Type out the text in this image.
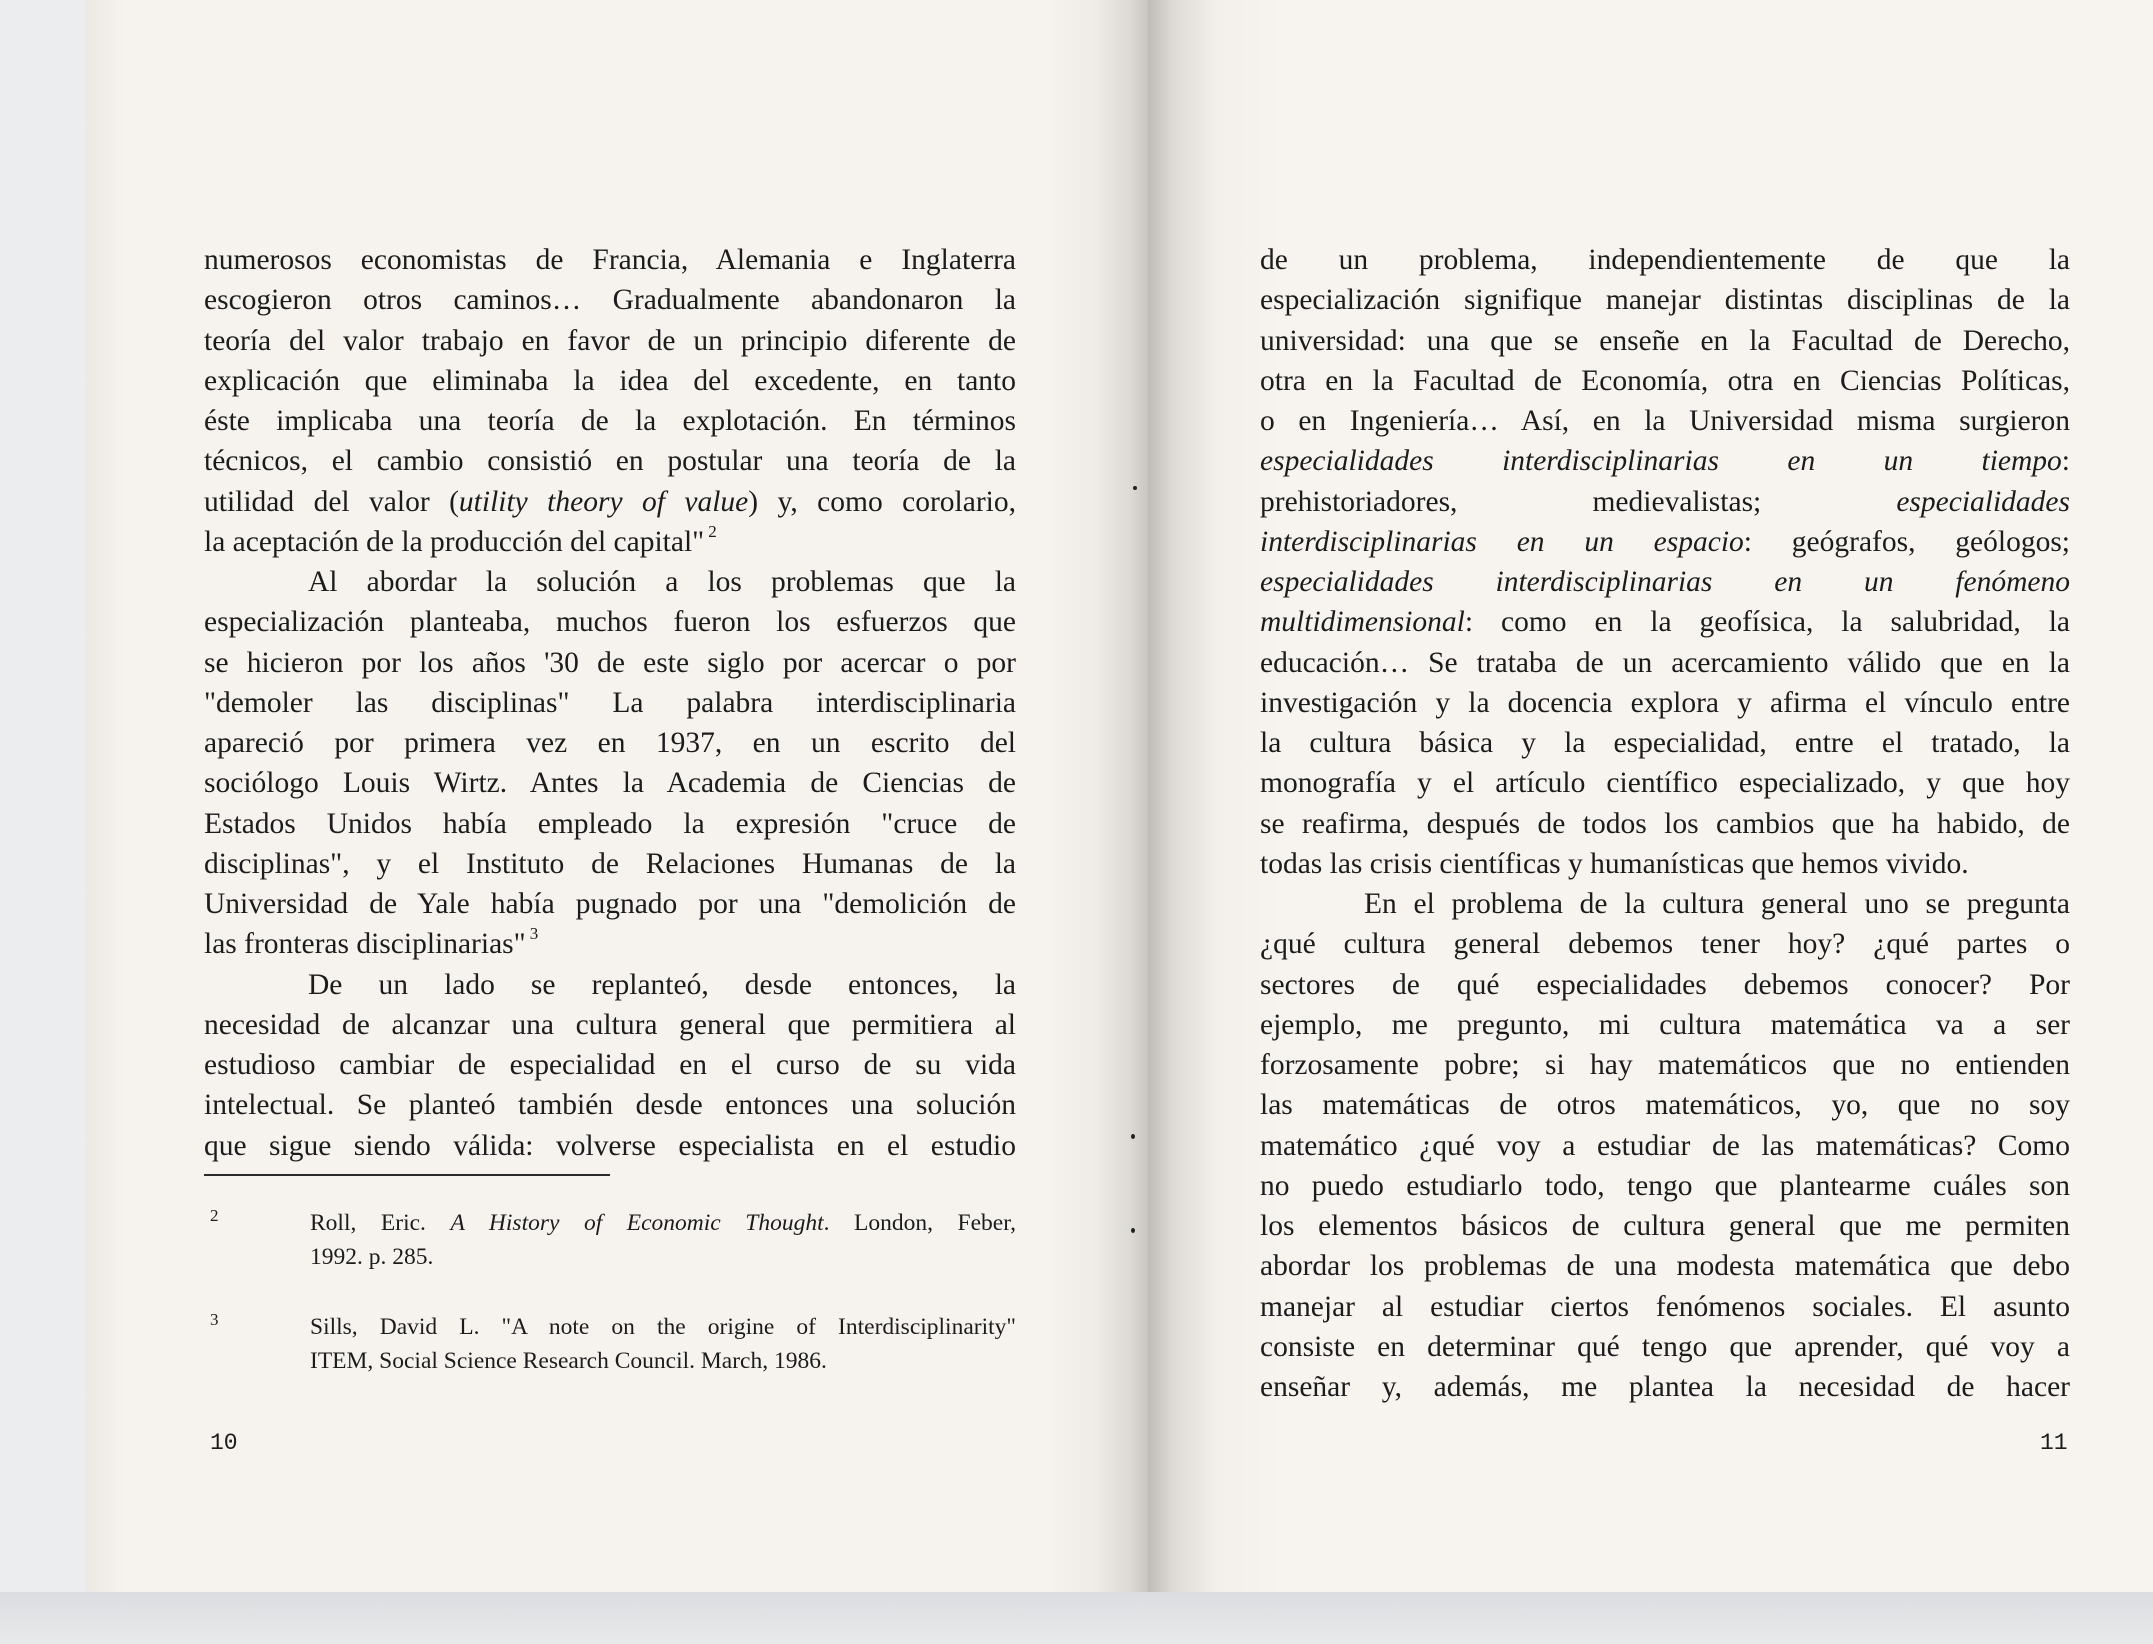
numerosos economistas de Francia, Alemania e Inglaterra
escogieron otros caminos… Gradualmente abandonaron la
teoría del valor trabajo en favor de un principio diferente de
explicación que eliminaba la idea del excedente, en tanto
éste implicaba una teoría de la explotación. En términos
técnicos, el cambio consistió en postular una teoría de la
utilidad del valor (utility theory of value) y, como corolario,
la aceptación de la producción del capital" $^2$
Al abordar la solución a los problemas que la
especialización planteaba, muchos fueron los esfuerzos que
se hicieron por los años '30 de este siglo por acercar o por
"demoler las disciplinas" La palabra interdisciplinaria
apareció por primera vez en 1937, en un escrito del
sociólogo Louis Wirtz. Antes la Academia de Ciencias de
Estados Unidos había empleado la expresión "cruce de
disciplinas", y el Instituto de Relaciones Humanas de la
Universidad de Yale había pugnado por una "demolición de
las fronteras disciplinarias" $^3$
De un lado se replanteó, desde entonces, la
necesidad de alcanzar una cultura general que permitiera al
estudioso cambiar de especialidad en el curso de su vida
intelectual. Se planteó también desde entonces una solución
que sigue siendo válida: volverse especialista en el estudio
2	Roll, Eric. A History of Economic Thought. London, Feber,
1992. p. 285.
3	Sills, David L. "A note on the origine of Interdisciplinarity"
ITEM, Social Science Research Council. March, 1986.
10
de un problema, independientemente de que la
especialización signifique manejar distintas disciplinas de la
universidad: una que se enseñe en la Facultad de Derecho,
otra en la Facultad de Economía, otra en Ciencias Políticas,
o en Ingeniería… Así, en la Universidad misma surgieron
especialidades interdisciplinarias en un tiempo:
prehistoriadores, medievalistas;	especialidades
interdisciplinarias en un espacio: geógrafos, geólogos;
especialidades interdisciplinarias en un fenómeno
multidimensional: como en la geofísica, la salubridad, la
educación… Se trataba de un acercamiento válido que en la
investigación y la docencia explora y afirma el vínculo entre
la cultura básica y la especialidad, entre el tratado, la
monografía y el artículo científico especializado, y que hoy
se reafirma, después de todos los cambios que ha habido, de
todas las crisis científicas y humanísticas que hemos vivido.
En el problema de la cultura general uno se pregunta
¿qué cultura general debemos tener hoy? ¿qué partes o
sectores de qué especialidades debemos conocer? Por
ejemplo, me pregunto, mi cultura matemática va a ser
forzosamente pobre; si hay matemáticos que no entienden
las matemáticas de otros matemáticos, yo, que no soy
matemático ¿qué voy a estudiar de las matemáticas? Como
no puedo estudiarlo todo, tengo que plantearme cuáles son
los elementos básicos de cultura general que me permiten
abordar los problemas de una modesta matemática que debo
manejar al estudiar ciertos fenómenos sociales. El asunto
consiste en determinar qué tengo que aprender, qué voy a
enseñar y, además, me plantea la necesidad de hacer
11
